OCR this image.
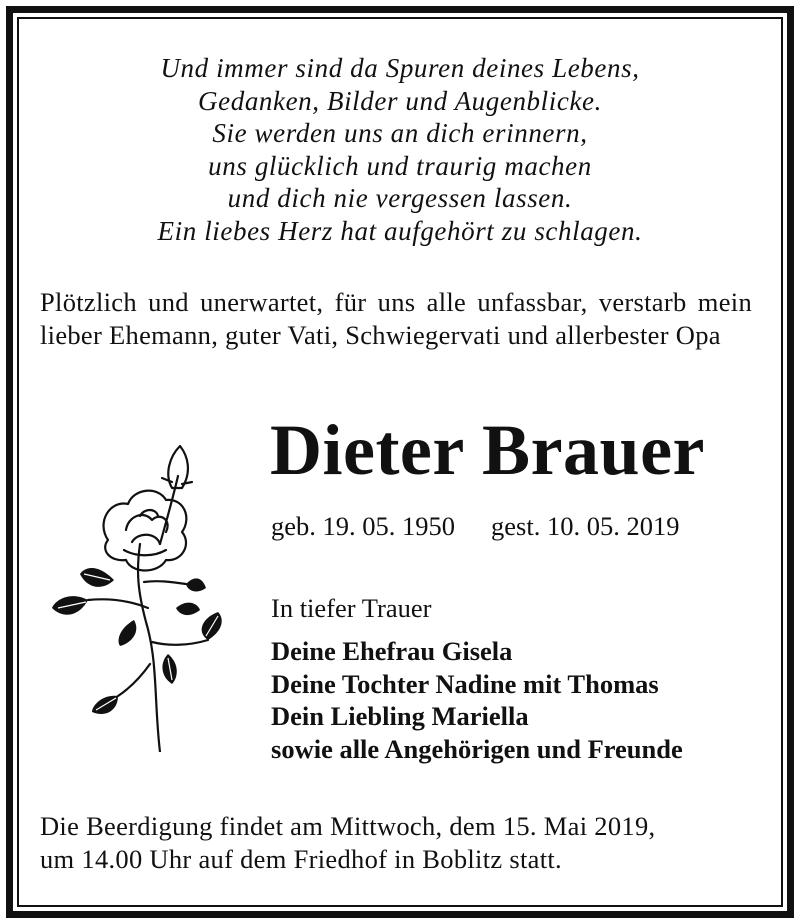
Und immer sind da Spuren deines Lebens,
Gedanken, Bilder und Augenblicke.
Sie werden uns an dich erinnern,
uns glücklich und traurig machen
und dich nie vergessen lassen.
Ein liebes Herz hat aufgehört zu schlagen.
Plötzlich und unerwartet, für uns alle unfassbar, verstarb mein lieber Ehemann, guter Vati, Schwiegervati und allerbester Opa
Dieter Brauer
geb. 19. 05. 1950 gest. 10. 05. 2019
In tiefer Trauer
Deine Ehefrau Gisela
Deine Tochter Nadine mit Thomas
Dein Liebling Mariella
sowie alle Angehörigen und Freunde
Die Beerdigung findet am Mittwoch, dem 15. Mai 2019,
um 14.00 Uhr auf dem Friedhof in Boblitz statt.
